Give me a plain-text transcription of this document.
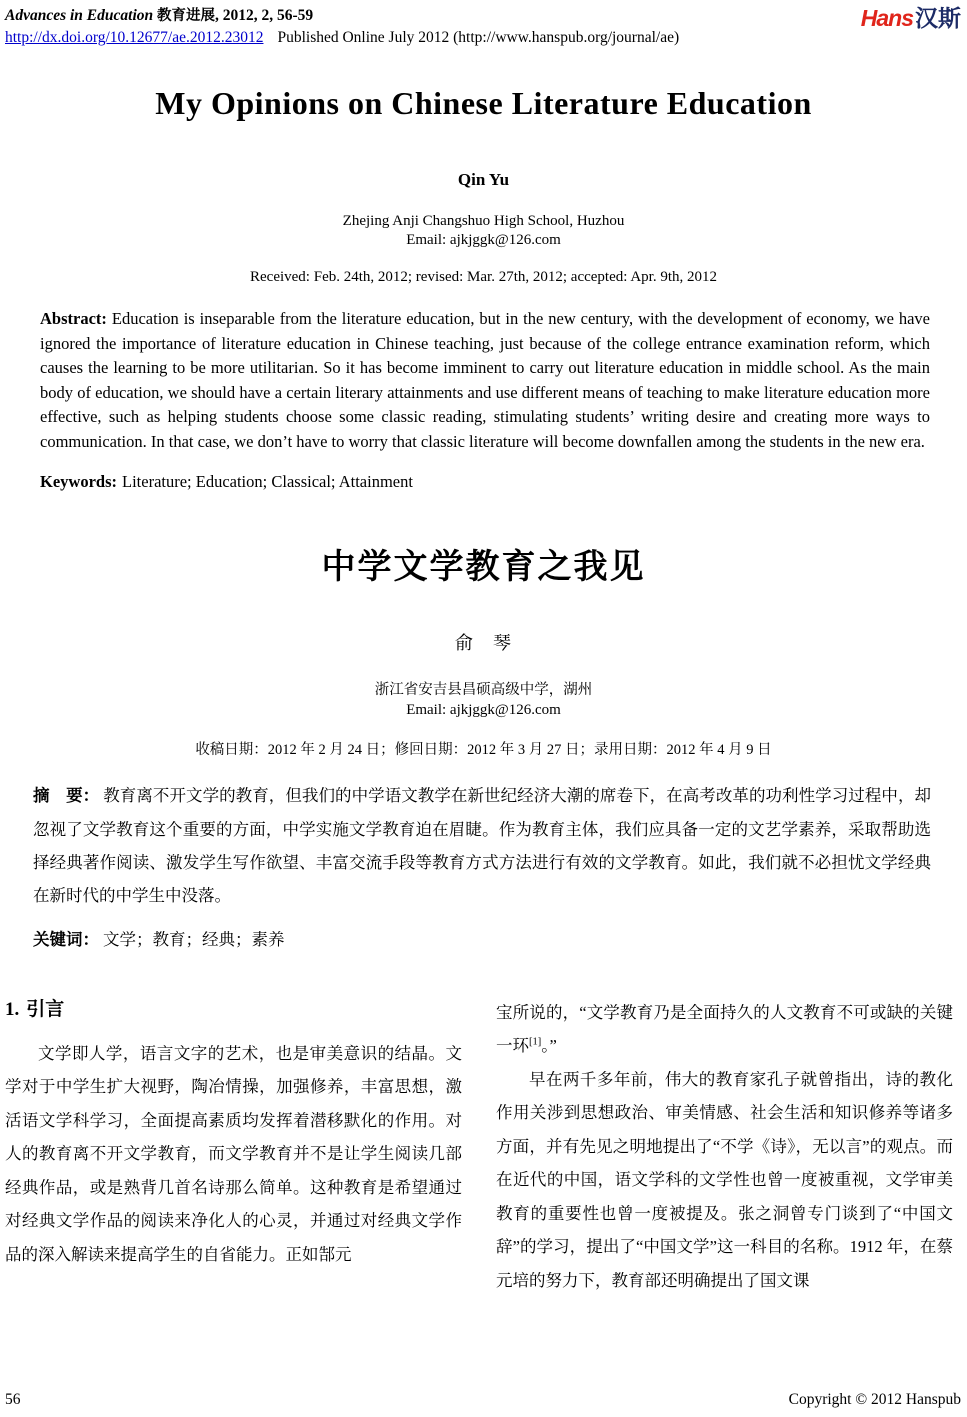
Advances in Education 教育进展, 2012, 2, 56-59
http://dx.doi.org/10.12677/ae.2012.23012 Published Online July 2012 (http://www.hanspub.org/journal/ae)
Hans汉斯
My Opinions on Chinese Literature Education
Qin Yu
Zhejing Anji Changshuo High School, Huzhou
Email: ajkjggk@126.com
Received: Feb. 24th, 2012; revised: Mar. 27th, 2012; accepted: Apr. 9th, 2012
Abstract: Education is inseparable from the literature education, but in the new century, with the development of economy, we have ignored the importance of literature education in Chinese teaching, just because of the college entrance examination reform, which causes the learning to be more utilitarian. So it has become imminent to carry out literature education in middle school. As the main body of education, we should have a certain literary attainments and use different means of teaching to make literature education more effective, such as helping students choose some classic reading, stimulating students’ writing desire and creating more ways to communication. In that case, we don’t have to worry that classic literature will become downfallen among the students in the new era.
Keywords: Literature; Education; Classical; Attainment
中学文学教育之我见
俞　琴
浙江省安吉县昌硕高级中学，湖州
Email: ajkjggk@126.com
收稿日期：2012 年 2 月 24 日；修回日期：2012 年 3 月 27 日；录用日期：2012 年 4 月 9 日
摘　要： 教育离不开文学的教育，但我们的中学语文教学在新世纪经济大潮的席卷下，在高考改革的功利性学习过程中，却忽视了文学教育这个重要的方面，中学实施文学教育迫在眉睫。作为教育主体，我们应具备一定的文艺学素养，采取帮助选择经典著作阅读、激发学生写作欲望、丰富交流手段等教育方式方法进行有效的文学教育。如此，我们就不必担忧文学经典在新时代的中学生中没落。
关键词： 文学；教育；经典；素养
1. 引言

文学即人学，语言文字的艺术，也是审美意识的结晶。文学对于中学生扩大视野，陶冶情操，加强修养，丰富思想，激活语文学科学习，全面提高素质均发挥着潜移默化的作用。对人的教育离不开文学教育，而文学教育并不是让学生阅读几部经典作品，或是熟背几首名诗那么简单。这种教育是希望通过对经典文学作品的阅读来净化人的心灵，并通过对经典文学作品的深入解读来提高学生的自省能力。正如郜元

宝所说的，“文学教育乃是全面持久的人文教育不可或缺的关键一环[1]。”

早在两千多年前，伟大的教育家孔子就曾指出，诗的教化作用关涉到思想政治、审美情感、社会生活和知识修养等诸多方面，并有先见之明地提出了“不学《诗》，无以言”的观点。而在近代的中国，语文学科的文学性也曾一度被重视，文学审美教育的重要性也曾一度被提及。张之洞曾专门谈到了“中国文辞”的学习，提出了“中国文学”这一科目的名称。1912 年，在蔡元培的努力下，教育部还明确提出了国文课

56	Copyright © 2012 Hanspub
